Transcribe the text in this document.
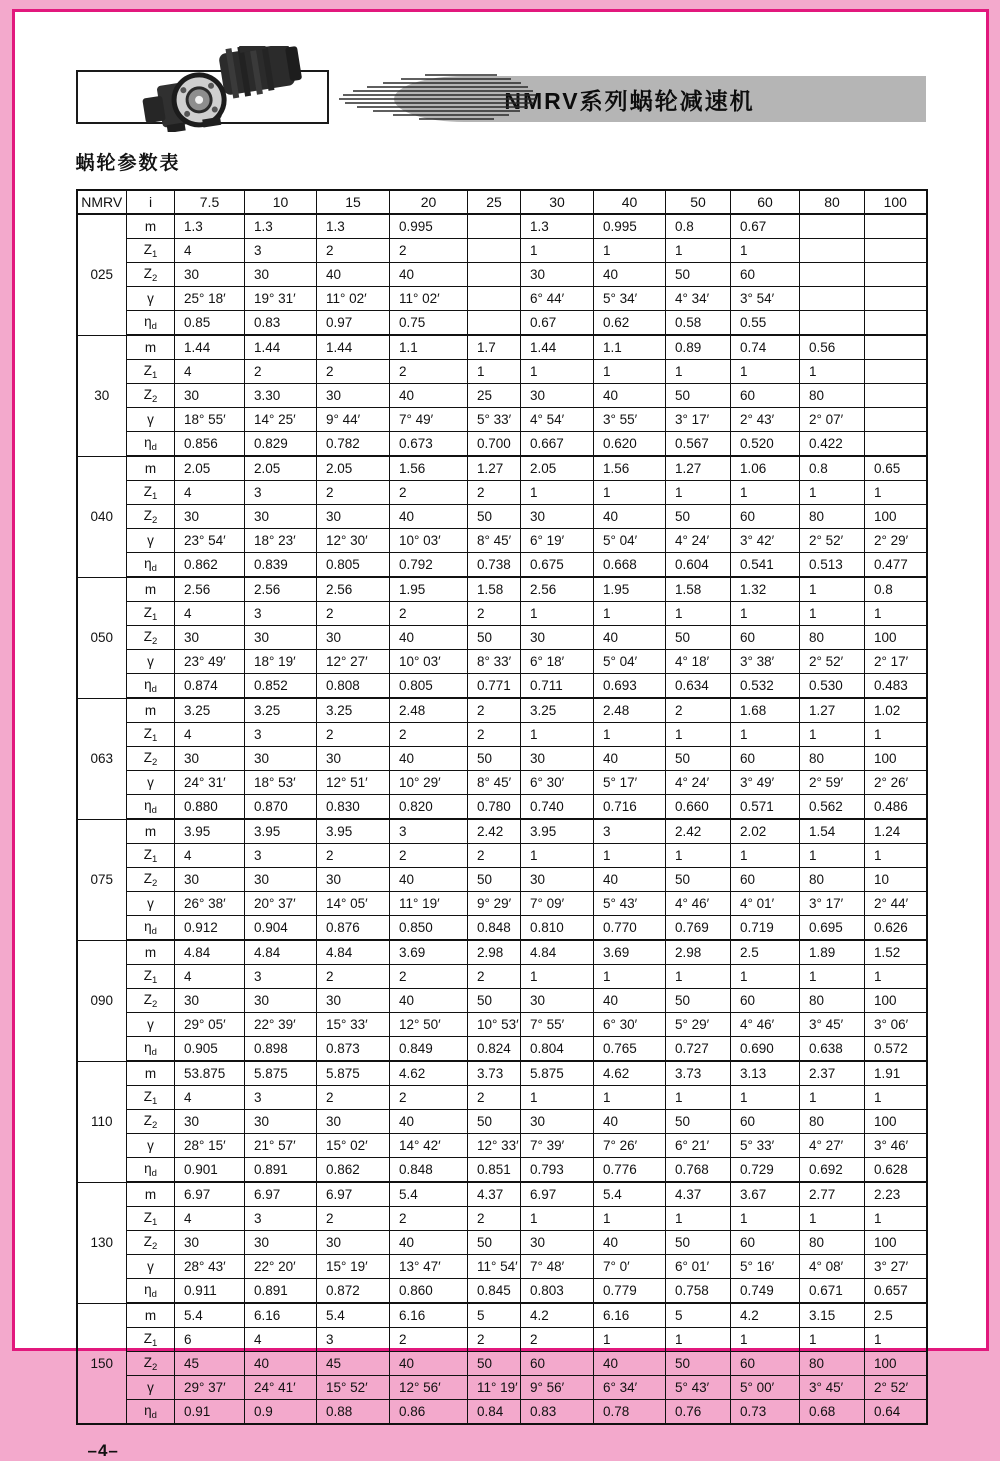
NMRV系列蜗轮减速机
蜗轮参数表
NMRV	i	7.5	10	15	20	25	30	40	50	60	80	100
025	m	1.3	1.3	1.3	0.995		1.3	0.995	0.8	0.67		
	$Z_1$	4	3	2	2		1	1	1	1		
	$Z_2$	30	30	40	40		30	40	50	60		
	γ	25° 18′	19° 31′	11° 02′	11° 02′		6° 44′	5° 34′	4° 34′	3° 54′		
	$\eta_d$	0.85	0.83	0.97	0.75		0.67	0.62	0.58	0.55		
30	m	1.44	1.44	1.44	1.1	1.7	1.44	1.1	0.89	0.74	0.56	
	$Z_1$	4	2	2	2	1	1	1	1	1	1	
	$Z_2$	30	3.30	30	40	25	30	40	50	60	80	
	γ	18° 55′	14° 25′	9° 44′	7° 49′	5° 33′	4° 54′	3° 55′	3° 17′	2° 43′	2° 07′	
	$\eta_d$	0.856	0.829	0.782	0.673	0.700	0.667	0.620	0.567	0.520	0.422	
040	m	2.05	2.05	2.05	1.56	1.27	2.05	1.56	1.27	1.06	0.8	0.65
	$Z_1$	4	3	2	2	2	1	1	1	1	1	1
	$Z_2$	30	30	30	40	50	30	40	50	60	80	100
	γ	23° 54′	18° 23′	12° 30′	10° 03′	8° 45′	6° 19′	5° 04′	4° 24′	3° 42′	2° 52′	2° 29′
	$\eta_d$	0.862	0.839	0.805	0.792	0.738	0.675	0.668	0.604	0.541	0.513	0.477
050	m	2.56	2.56	2.56	1.95	1.58	2.56	1.95	1.58	1.32	1	0.8
	$Z_1$	4	3	2	2	2	1	1	1	1	1	1
	$Z_2$	30	30	30	40	50	30	40	50	60	80	100
	γ	23° 49′	18° 19′	12° 27′	10° 03′	8° 33′	6° 18′	5° 04′	4° 18′	3° 38′	2° 52′	2° 17′
	$\eta_d$	0.874	0.852	0.808	0.805	0.771	0.711	0.693	0.634	0.532	0.530	0.483
063	m	3.25	3.25	3.25	2.48	2	3.25	2.48	2	1.68	1.27	1.02
	$Z_1$	4	3	2	2	2	1	1	1	1	1	1
	$Z_2$	30	30	30	40	50	30	40	50	60	80	100
	γ	24° 31′	18° 53′	12° 51′	10° 29′	8° 45′	6° 30′	5° 17′	4° 24′	3° 49′	2° 59′	2° 26′
	$\eta_d$	0.880	0.870	0.830	0.820	0.780	0.740	0.716	0.660	0.571	0.562	0.486
075	m	3.95	3.95	3.95	3	2.42	3.95	3	2.42	2.02	1.54	1.24
	$Z_1$	4	3	2	2	2	1	1	1	1	1	1
	$Z_2$	30	30	30	40	50	30	40	50	60	80	10
	γ	26° 38′	20° 37′	14° 05′	11° 19′	9° 29′	7° 09′	5° 43′	4° 46′	4° 01′	3° 17′	2° 44′
	$\eta_d$	0.912	0.904	0.876	0.850	0.848	0.810	0.770	0.769	0.719	0.695	0.626
090	m	4.84	4.84	4.84	3.69	2.98	4.84	3.69	2.98	2.5	1.89	1.52
	$Z_1$	4	3	2	2	2	1	1	1	1	1	1
	$Z_2$	30	30	30	40	50	30	40	50	60	80	100
	γ	29° 05′	22° 39′	15° 33′	12° 50′	10° 53′	7° 55′	6° 30′	5° 29′	4° 46′	3° 45′	3° 06′
	$\eta_d$	0.905	0.898	0.873	0.849	0.824	0.804	0.765	0.727	0.690	0.638	0.572
110	m	53.875	5.875	5.875	4.62	3.73	5.875	4.62	3.73	3.13	2.37	1.91
	$Z_1$	4	3	2	2	2	1	1	1	1	1	1
	$Z_2$	30	30	30	40	50	30	40	50	60	80	100
	γ	28° 15′	21° 57′	15° 02′	14° 42′	12° 33′	7° 39′	7° 26′	6° 21′	5° 33′	4° 27′	3° 46′
	$\eta_d$	0.901	0.891	0.862	0.848	0.851	0.793	0.776	0.768	0.729	0.692	0.628
130	m	6.97	6.97	6.97	5.4	4.37	6.97	5.4	4.37	3.67	2.77	2.23
	$Z_1$	4	3	2	2	2	1	1	1	1	1	1
	$Z_2$	30	30	30	40	50	30	40	50	60	80	100
	γ	28° 43′	22° 20′	15° 19′	13° 47′	11° 54′	7° 48′	7° 0′	6° 01′	5° 16′	4° 08′	3° 27′
	$\eta_d$	0.911	0.891	0.872	0.860	0.845	0.803	0.779	0.758	0.749	0.671	0.657
150	m	5.4	6.16	5.4	6.16	5	4.2	6.16	5	4.2	3.15	2.5
	$Z_1$	6	4	3	2	2	2	1	1	1	1	1
	$Z_2$	45	40	45	40	50	60	40	50	60	80	100
	γ	29° 37′	24° 41′	15° 52′	12° 56′	11° 19′	9° 56′	6° 34′	5° 43′	5° 00′	3° 45′	2° 52′
	$\eta_d$	0.91	0.9	0.88	0.86	0.84	0.83	0.78	0.76	0.73	0.68	0.64
–4–
